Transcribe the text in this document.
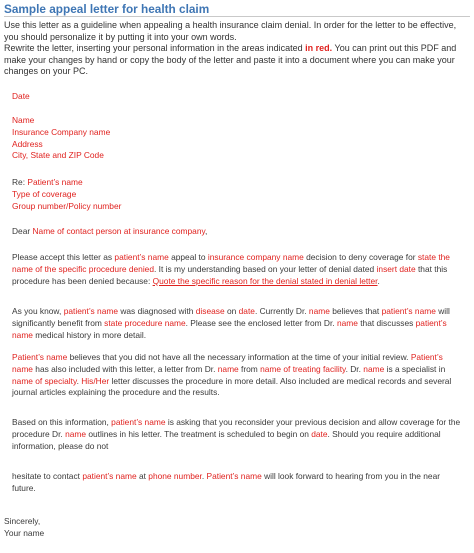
Sample appeal letter for health claim

Use this letter as a guideline when appealing a health insurance claim denial. In order for the letter to be effective, you should personalize it by putting it into your own words.

Rewrite the letter, inserting your personal information in the areas indicated in red. You can print out this PDF and make your changes by hand or copy the body of the letter and paste it into a document where you can make your changes on your PC.

Date

Name

Insurance Company name

Address

City, State and ZIP Code

Re: Patient’s name

Type of coverage

Group number/Policy number

Dear Name of contact person at insurance company,

Please accept this letter as patient’s name appeal to insurance company name decision to deny coverage for state the name of the specific procedure denied. It is my understanding based on your letter of denial dated insert date that this procedure has been denied because: Quote the specific reason for the denial stated in denial letter.

As you know, patient’s name was diagnosed with disease on date. Currently Dr. name believes that patient’s name will significantly benefit from state procedure name. Please see the enclosed letter from Dr. name that discusses patient’s name medical history in more detail.

Patient’s name believes that you did not have all the necessary information at the time of your initial review. Patient’s name has also included with this letter, a letter from Dr. name from name of treating facility. Dr. name is a specialist in name of specialty. His/Her letter discusses the procedure in more detail. Also included are medical records and several journal articles explaining the procedure and the results.

Based on this information, patient’s name is asking that you reconsider your previous decision and allow coverage for the procedure Dr. name outlines in his letter. The treatment is scheduled to begin on date. Should you require additional information, please do not

hesitate to contact patient’s name at phone number. Patient’s name will look forward to hearing from you in the near future.

Sincerely,
Your name
